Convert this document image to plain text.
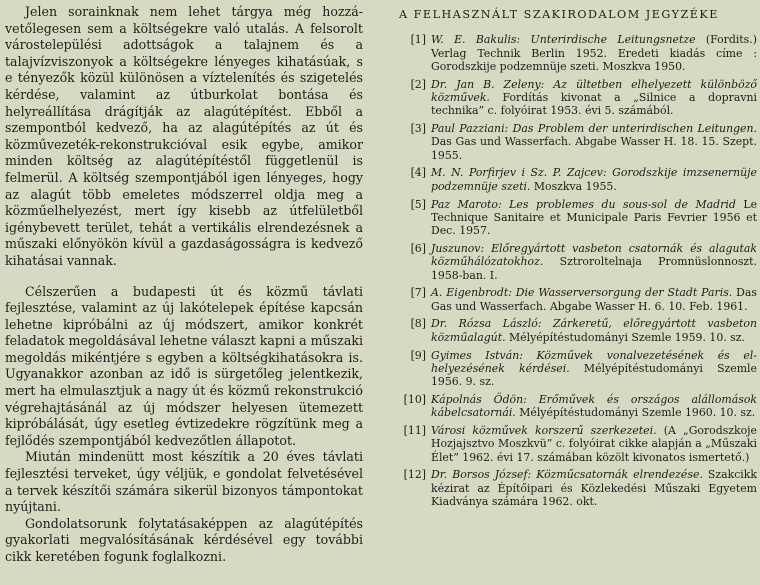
Jelen sorainknak nem lehet tárgya még hozzávetőlegesen sem a költségekre való utalás. A felsorolt várostelepülési adottságok a talajnem és a talajvízviszonyok a költségekre lényeges kihatásúak, s e tényezők közül különösen a víztelenítés és szigetelés kérdése, valamint az útburkolat bontása és helyreállítása drágítják az alagútépítést. Ebből a szempontból kedvező, ha az alagútépítés az út és közművezeték-rekonstrukcióval esik egybe, amikor minden költség az alagútépítéstől függetlenül is felmerül. A költség szempontjából igen lényeges, hogy az alagút több emeletes módszerrel oldja meg a közműelhelyezést, mert így kisebb az útfelületből igénybevett terület, tehát a vertikális elrendezésnek a műszaki előnyökön kívül a gazdaságosságra is kedvező kihatásai vannak.

Célszerűen a budapesti út és közmű távlati fejlesztése, valamint az új lakótelepek építése kapcsán lehetne kipróbálni az új módszert, amikor konkrét feladatok megoldásával lehetne választ kapni a műszaki megoldás mikéntjére s egyben a költségkihatásokra is. Ugyanakkor azonban az idő is sürgetőleg jelentkezik, mert ha elmulasztjuk a nagy út és közmű rekonstrukció végrehajtásánál az új módszer helyesen ütemezett kipróbálását, úgy esetleg évtizedekre rögzítünk meg a fejlődés szempontjából kedvezőtlen állapotot.

Miután mindenütt most készítik a 20 éves távlati fejlesztési terveket, úgy véljük, e gondolat felvetésével a tervek készítői számára sikerül bizonyos támpontokat nyújtani.

Gondolatsorunk folytatásaképpen az alagútépítés gyakorlati megvalósításának kérdésével egy további cikk keretében fogunk foglalkozni.

A FELHASZNÁLT SZAKIRODALOM JEGYZÉKE
[1] W. E. Bakulis: Unterirdische Leitungsnetze (Fordits.) Verlag Technik Berlin 1952. Eredeti kiadás címe : Gorodszkije podzemnüje szeti. Moszkva 1950.
[2] Dr. Jan B. Zeleny: Az ültetben elhelyezett különböző közművek. Fordítás kivonat a „Silnice a dopravni technika” c. folyóirat 1953. évi 5. számából.
[3] Paul Pazziani: Das Problem der unterirdischen Leitungen. Das Gas und Wasserfach. Abgabe Wasser H. 18. 15. Szept. 1955.
[4] M. N. Porfirjev i Sz. P. Zajcev: Gorodszkije imzsenernüje podzemnüje szeti. Moszkva 1955.
[5] Paz Maroto: Les problemes du sous-sol de Madrid Le Technique Sanitaire et Municipale Paris Fevrier 1956 et Dec. 1957.
[6] Juszunov: Előregyártott vasbeton csatornák és alagutak közműhálózatokhoz. Sztroroltelnaja Promnüslonnoszt. 1958-ban. I.
[7] A. Eigenbrodt: Die Wasserversorgung der Stadt Paris. Das Gas und Wasserfach. Abgabe Wasser H. 6. 10. Feb. 1961.
[8] Dr. Rózsa László: Zárkeretű, előregyártott vasbeton közműalagút. Mélyépítéstudományi Szemle 1959. 10. sz.
[9] Gyimes István: Közművek vonalvezetésének és elhelyezésének kérdései. Mélyépítéstudományi Szemle 1956. 9. sz.
[10] Kápolnás Ödön: Erőművek és országos alállomások kábelcsatornái. Mélyépítéstudományi Szemle 1960. 10. sz.
[11] Városi közművek korszerű szerkezetei. (A „Gorodszkoje Hozjajsztvo Moszkvü” c. folyóirat cikke alapján a „Műszaki Élet” 1962. évi 17. számában közölt kivonatos ismertető.)
[12] Dr. Borsos József: Közműcsatornák elrendezése. Szakcikk kézirat az Építőipari és Közlekedési Műszaki Egyetem Kiadványa számára 1962. okt.
